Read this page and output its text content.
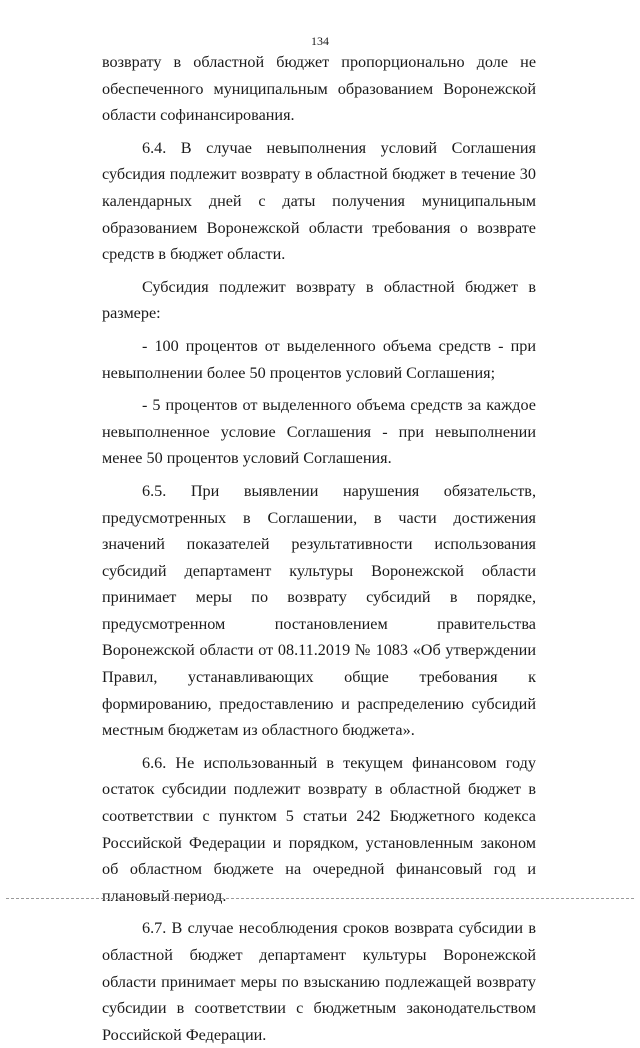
134

возврату в областной бюджет пропорционально доле не обеспеченного муниципальным образованием Воронежской области софинансирования.

6.4. В случае невыполнения условий Соглашения субсидия подлежит возврату в областной бюджет в течение 30 календарных дней с даты получения муниципальным образованием Воронежской области требования о возврате средств в бюджет области.

Субсидия подлежит возврату в областной бюджет в размере:

- 100 процентов от выделенного объема средств - при невыполнении более 50 процентов условий Соглашения;

- 5 процентов от выделенного объема средств за каждое невыполненное условие Соглашения - при невыполнении менее 50 процентов условий Соглашения.

6.5. При выявлении нарушения обязательств, предусмотренных в Соглашении, в части достижения значений показателей результативности использования субсидий департамент культуры Воронежской области принимает меры по возврату субсидий в порядке, предусмотренном постановлением правительства Воронежской области от 08.11.2019 № 1083 «Об утверждении Правил, устанавливающих общие требования к формированию, предоставлению и распределению субсидий местным бюджетам из областного бюджета».

6.6. Не использованный в текущем финансовом году остаток субсидии подлежит возврату в областной бюджет в соответствии с пунктом 5 статьи 242 Бюджетного кодекса Российской Федерации и порядком, установленным законом об областном бюджете на очередной финансовый год и плановый период.

6.7. В случае несоблюдения сроков возврата субсидии в областной бюджет департамент культуры Воронежской области принимает меры по взысканию подлежащей возврату субсидии в соответствии с бюджетным законодательством Российской Федерации.
